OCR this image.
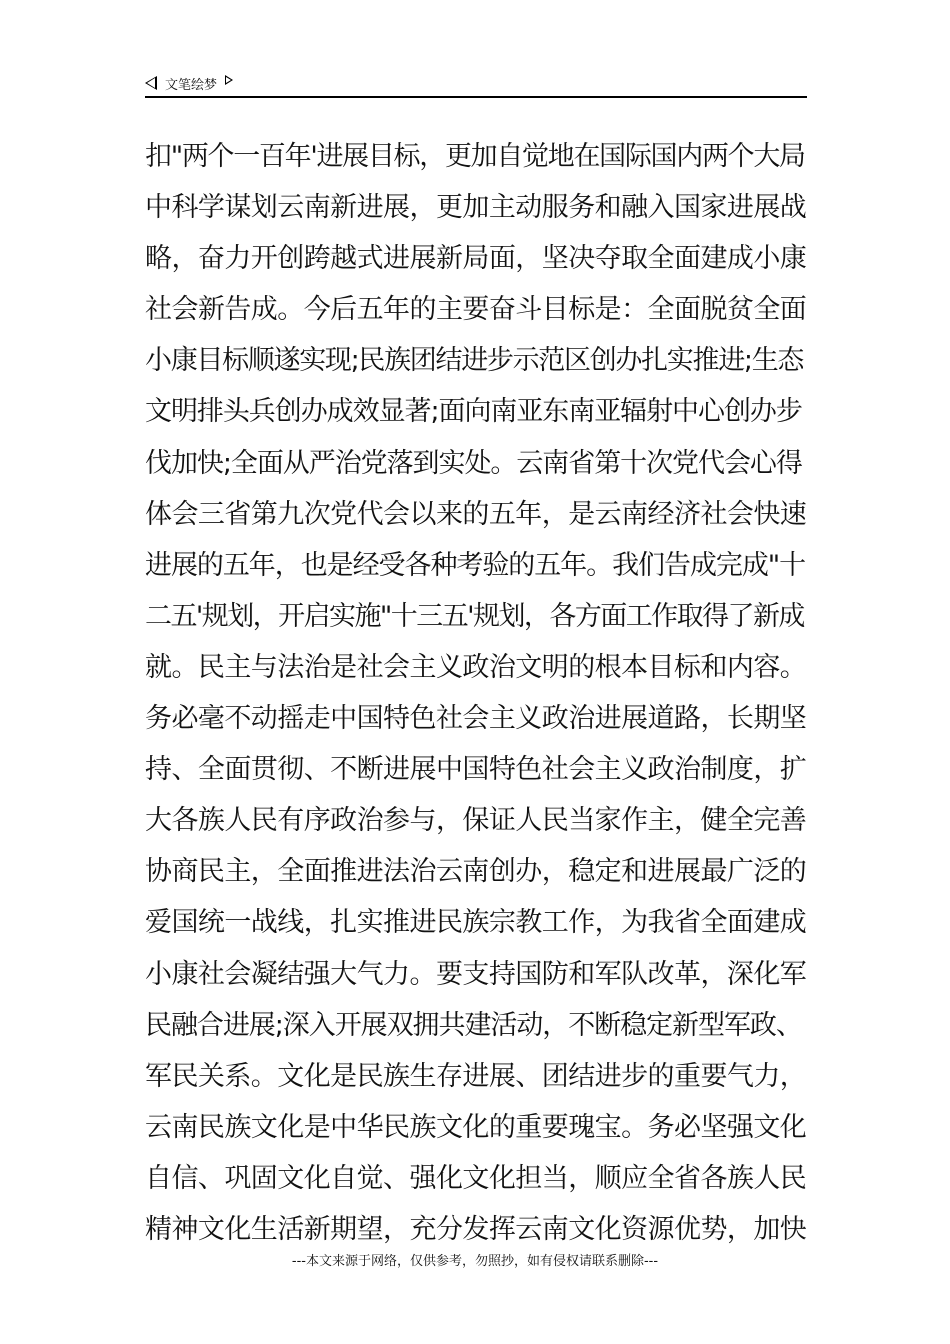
文笔绘梦
扣"两个一百年'进展目标，更加自觉地在国际国内两个大局
中科学谋划云南新进展，更加主动服务和融入国家进展战
略，奋力开创跨越式进展新局面，坚决夺取全面建成小康
社会新告成。今后五年的主要奋斗目标是：全面脱贫全面
小康目标顺遂实现;民族团结进步示范区创办扎实推进;生态
文明排头兵创办成效显著;面向南亚东南亚辐射中心创办步
伐加快;全面从严治党落到实处。云南省第十次党代会心得
体会三省第九次党代会以来的五年，是云南经济社会快速
进展的五年，也是经受各种考验的五年。我们告成完成"十
二五'规划，开启实施"十三五'规划，各方面工作取得了新成
就。民主与法治是社会主义政治文明的根本目标和内容。
务必毫不动摇走中国特色社会主义政治进展道路，长期坚
持、全面贯彻、不断进展中国特色社会主义政治制度，扩
大各族人民有序政治参与，保证人民当家作主，健全完善
协商民主，全面推进法治云南创办，稳定和进展最广泛的
爱国统一战线，扎实推进民族宗教工作，为我省全面建成
小康社会凝结强大气力。要支持国防和军队改革，深化军
民融合进展;深入开展双拥共建活动，不断稳定新型军政、
军民关系。文化是民族生存进展、团结进步的重要气力，
云南民族文化是中华民族文化的重要瑰宝。务必坚强文化
自信、巩固文化自觉、强化文化担当，顺应全省各族人民
精神文化生活新期望，充分发挥云南文化资源优势，加快
---本文来源于网络，仅供参考，勿照抄，如有侵权请联系删除---
